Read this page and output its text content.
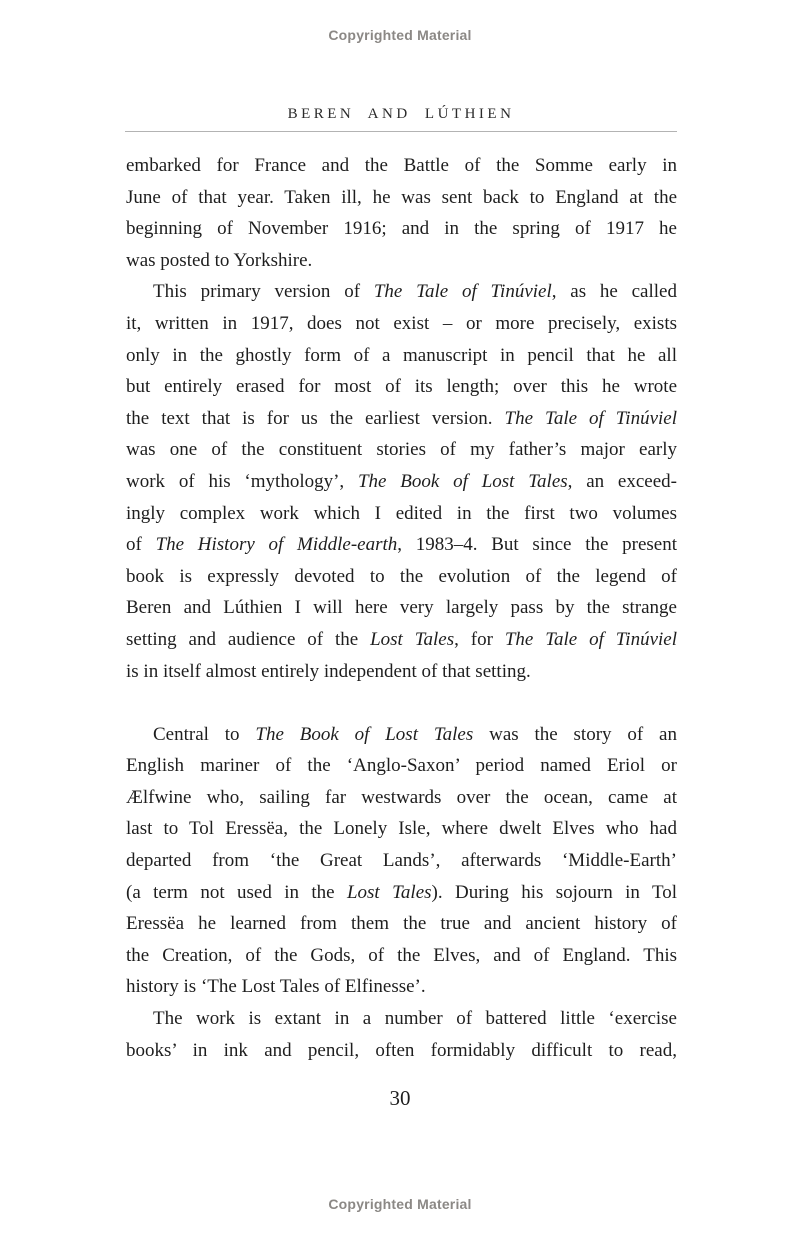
Copyrighted Material
BEREN AND LÚTHIEN
embarked for France and the Battle of the Somme early in
June of that year. Taken ill, he was sent back to England at the
beginning of November 1916; and in the spring of 1917 he
was posted to Yorkshire.
This primary version of The Tale of Tinúviel, as he called
it, written in 1917, does not exist – or more precisely, exists
only in the ghostly form of a manuscript in pencil that he all
but entirely erased for most of its length; over this he wrote
the text that is for us the earliest version. The Tale of Tinúviel
was one of the constituent stories of my father’s major early
work of his ‘mythology’, The Book of Lost Tales, an exceed-
ingly complex work which I edited in the first two volumes
of The History of Middle-earth, 1983–4. But since the present
book is expressly devoted to the evolution of the legend of
Beren and Lúthien I will here very largely pass by the strange
setting and audience of the Lost Tales, for The Tale of Tinúviel
is in itself almost entirely independent of that setting.
Central to The Book of Lost Tales was the story of an
English mariner of the ‘Anglo-Saxon’ period named Eriol or
Ælfwine who, sailing far westwards over the ocean, came at
last to Tol Eressëa, the Lonely Isle, where dwelt Elves who had
departed from ‘the Great Lands’, afterwards ‘Middle-Earth’
(a term not used in the Lost Tales). During his sojourn in Tol
Eressëa he learned from them the true and ancient history of
the Creation, of the Gods, of the Elves, and of England. This
history is ‘The Lost Tales of Elfinesse’.
The work is extant in a number of battered little ‘exercise
books’ in ink and pencil, often formidably difficult to read,
30
Copyrighted Material
